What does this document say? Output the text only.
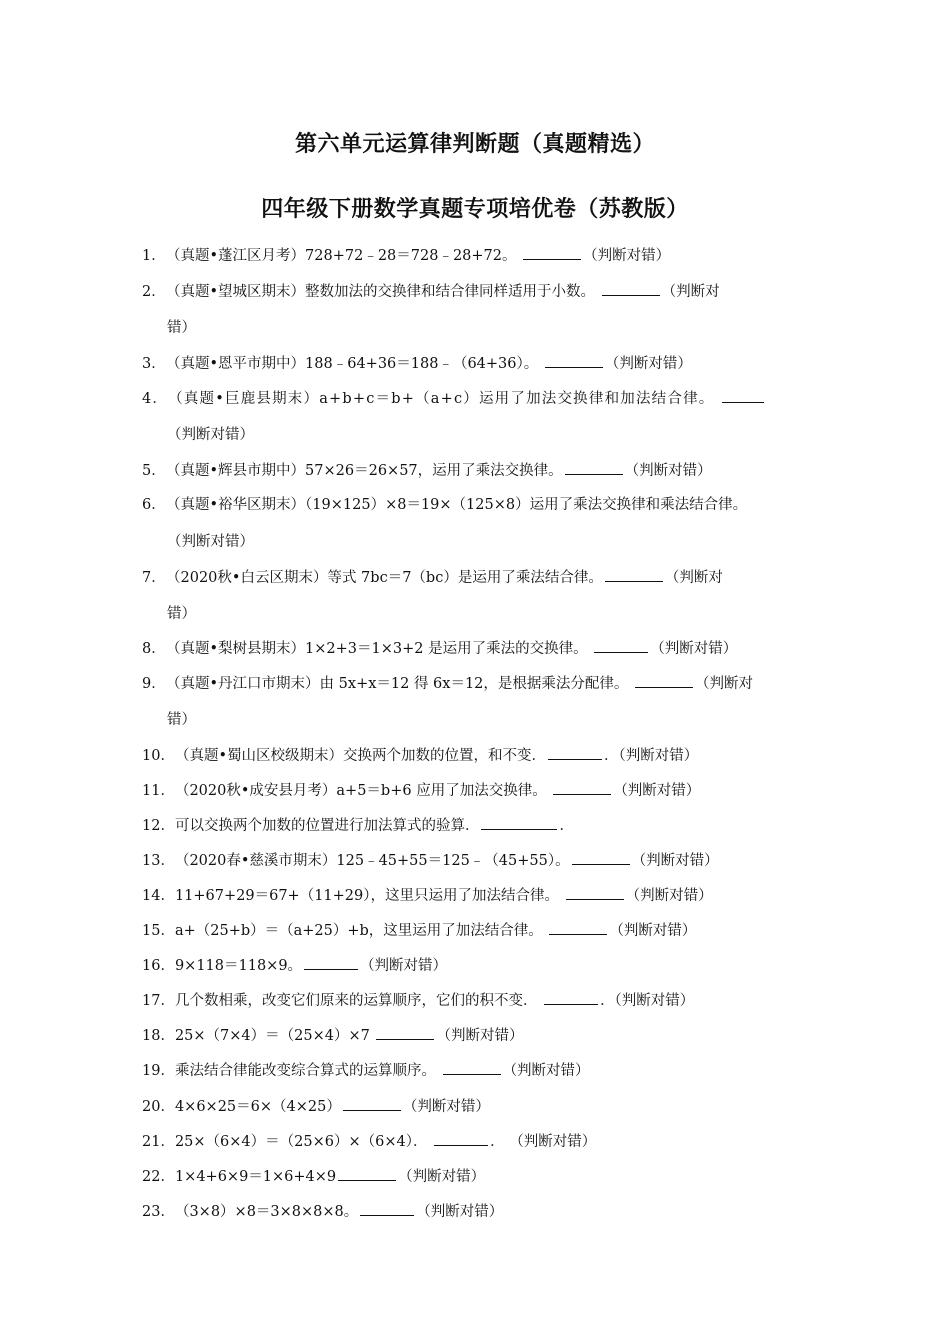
第六单元运算律判断题（真题精选）
四年级下册数学真题专项培优卷（苏教版）
1．（真题•蓬江区月考）728+72﹣28＝728﹣28+72。	（判断对错）
2．（真题•望城区期末）整数加法的交换律和结合律同样适用于小数。	（判断对
错）
3．（真题•恩平市期中）188﹣64+36＝188﹣（64+36）。	（判断对错）
4．（真题•巨鹿县期末）a+b+c＝b+（a+c）运用了加法交换律和加法结合律。
（判断对错）
5．（真题•辉县市期中）57×26＝26×57，运用了乘法交换律。	（判断对错）
6．（真题•裕华区期末）（19×125）×8＝19×（125×8）运用了乘法交换律和乘法结合律。
（判断对错）
7．（2020秋•白云区期末）等式 7bc＝7（bc）是运用了乘法结合律。	（判断对
错）
8．（真题•梨树县期末）1×2+3＝1×3+2 是运用了乘法的交换律。	（判断对错）
9．（真题•丹江口市期末）由 5x+x＝12 得 6x＝12，是根据乘法分配律。	（判断对
错）
10．（真题•蜀山区校级期末）交换两个加数的位置，和不变．	．（判断对错）
11．（2020秋•成安县月考）a+5＝b+6 应用了加法交换律。	（判断对错）
12．可以交换两个加数的位置进行加法算式的验算．	．
13．（2020春•慈溪市期末）125﹣45+55＝125﹣（45+55）。	（判断对错）
14．11+67+29＝67+（11+29），这里只运用了加法结合律。	（判断对错）
15．a+（25+b）＝（a+25）+b，这里运用了加法结合律。	（判断对错）
16．9×118＝118×9。	（判断对错）
17．几个数相乘，改变它们原来的运算顺序，它们的积不变．	．（判断对错）
18．25×（7×4）＝（25×4）×7	（判断对错）
19．乘法结合律能改变综合算式的运算顺序。	（判断对错）
20．4×6×25＝6×（4×25）	（判断对错）
21．25×（6×4）＝（25×6）×（6×4）．	． （判断对错）
22．1×4+6×9＝1×6+4×9	（判断对错）
23．（3×8）×8＝3×8×8×8。	（判断对错）
